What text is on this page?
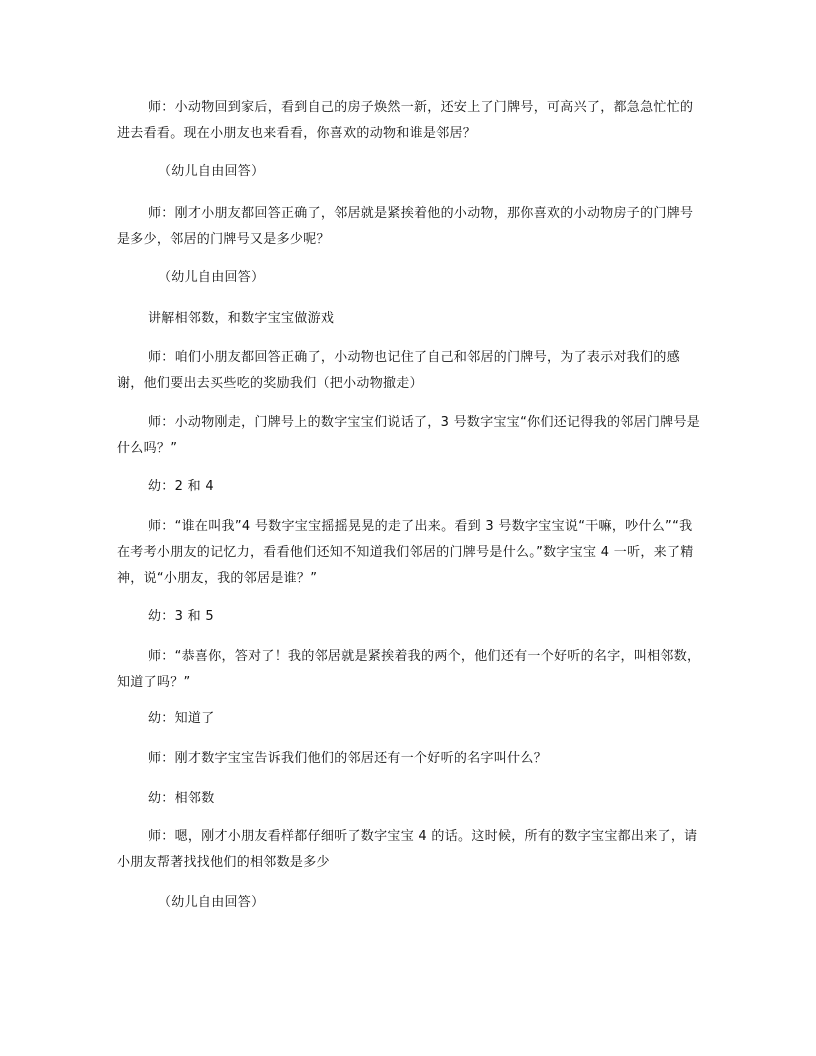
师：小动物回到家后，看到自己的房子焕然一新，还安上了门牌号，可高兴了，都急急忙忙的进去看看。现在小朋友也来看看，你喜欢的动物和谁是邻居？

（幼儿自由回答）

师：刚才小朋友都回答正确了，邻居就是紧挨着他的小动物，那你喜欢的小动物房子的门牌号是多少，邻居的门牌号又是多少呢？

（幼儿自由回答）

讲解相邻数，和数字宝宝做游戏

师：咱们小朋友都回答正确了，小动物也记住了自己和邻居的门牌号，为了表示对我们的感谢，他们要出去买些吃的奖励我们（把小动物撤走）

师：小动物刚走，门牌号上的数字宝宝们说话了，3 号数字宝宝“你们还记得我的邻居门牌号是什么吗？”

幼：2 和 4

师：“谁在叫我”4 号数字宝宝摇摇晃晃的走了出来。看到 3 号数字宝宝说“干嘛，吵什么”“我在考考小朋友的记忆力，看看他们还知不知道我们邻居的门牌号是什么。”数字宝宝 4 一听，来了精神，说“小朋友，我的邻居是谁？”

幼：3 和 5

师：“恭喜你，答对了！我的邻居就是紧挨着我的两个，他们还有一个好听的名字，叫相邻数，知道了吗？”

幼：知道了

师：刚才数字宝宝告诉我们他们的邻居还有一个好听的名字叫什么？

幼：相邻数

师：嗯，刚才小朋友看样都仔细听了数字宝宝 4 的话。这时候，所有的数字宝宝都出来了，请小朋友帮著找找他们的相邻数是多少

（幼儿自由回答）
